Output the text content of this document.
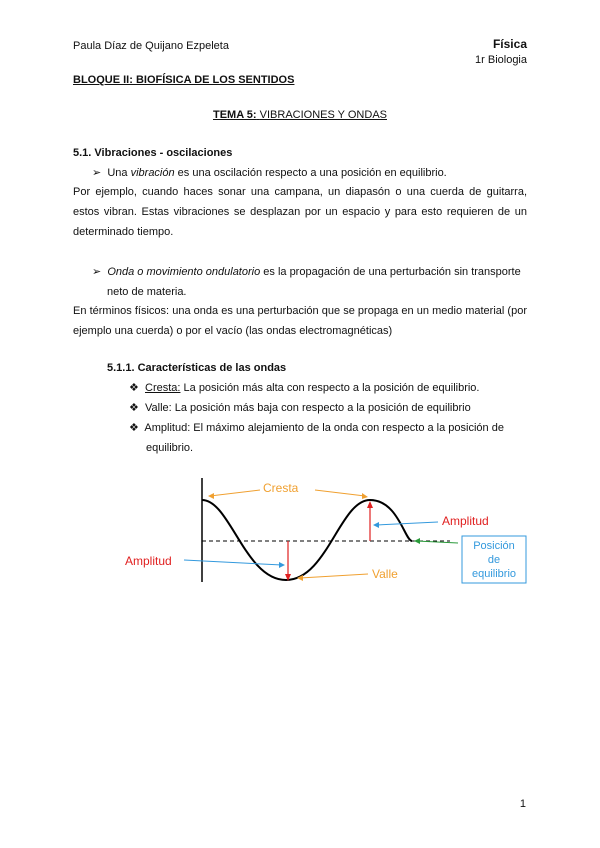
Paula Díaz de Quijano Ezpeleta	Física
1r Biologia
BLOQUE II: BIOFÍSICA DE LOS SENTIDOS
TEMA 5: VIBRACIONES Y ONDAS
5.1. Vibraciones - oscilaciones
➢ Una vibración es una oscilación respecto a una posición en equilibrio.
Por ejemplo, cuando haces sonar una campana, un diapasón o una cuerda de guitarra, estos vibran. Estas vibraciones se desplazan por un espacio y para esto requieren de un determinado tiempo.
➢ Onda o movimiento ondulatorio es la propagación de una perturbación sin transporte
neto de materia.
En términos físicos: una onda es una perturbación que se propaga en un medio material (por ejemplo una cuerda) o por el vacío (las ondas electromagnéticas)
5.1.1. Características de las ondas
❖ Cresta: La posición más alta con respecto a la posición de equilibrio.
❖ Valle: La posición más baja con respecto a la posición de equilibrio
❖ Amplitud: El máximo alejamiento de la onda con respecto a la posición de
equilibrio.
Cresta
Valle
Amplitud
Amplitud
Posición
de
equilibrio
1
